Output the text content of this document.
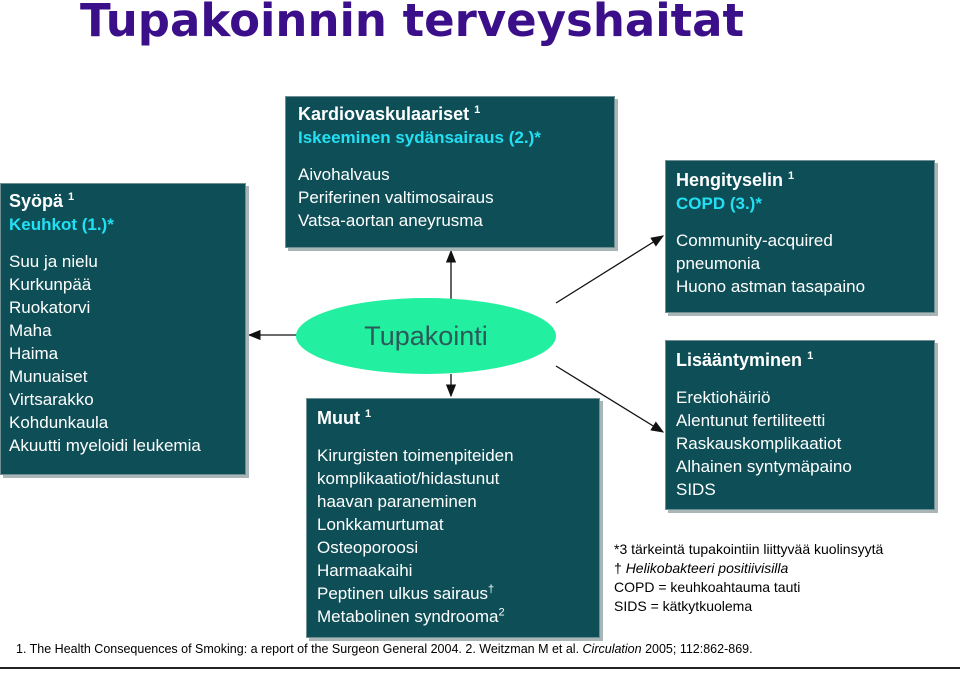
Tupakoinnin terveyshaitat
Kardiovaskulaariset $^1$
Iskeeminen sydänsairaus (2.)*
Aivohalvaus
Periferinen valtimosairaus
Vatsa-aortan aneyrusma
Syöpä $^1$
Keuhkot (1.)*
Suu ja nielu
Kurkunpää
Ruokatorvi
Maha
Haima
Munuaiset
Virtsarakko
Kohdunkaula
Akuutti myeloidi leukemia
Hengityselin $^1$
COPD (3.)*
Community-acquired
pneumonia
Huono astman tasapaino
Lisääntyminen $^1$
Erektiohäiriö
Alentunut fertiliteetti
Raskauskomplikaatiot
Alhainen syntymäpaino
SIDS
Muut $^1$
Kirurgisten toimenpiteiden
komplikaatiot/hidastunut
haavan paraneminen
Lonkkamurtumat
Osteoporoosi
Harmaakaihi
Peptinen ulkus sairaus†
Metabolinen syndrooma$^2$
Tupakointi
*3 tärkeintä tupakointiin liittyvää kuolinsyytä
† Helikobakteeri positiivisilla
COPD = keuhkoahtauma tauti
SIDS = kätkytkuolema
1. The Health Consequences of Smoking: a report of the Surgeon General 2004. 2. Weitzman M et al. Circulation 2005; 112:862-869.
